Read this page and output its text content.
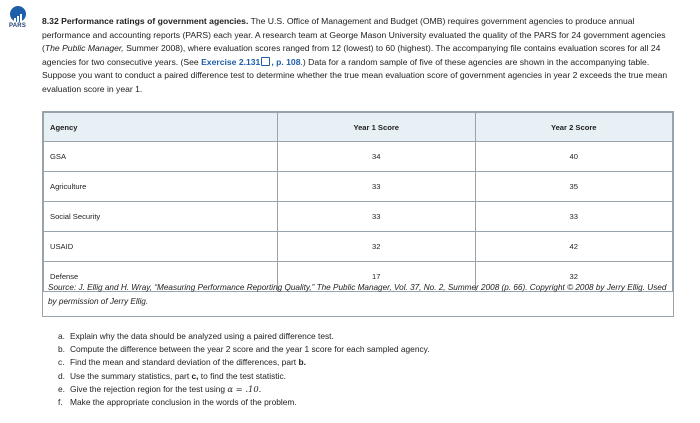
PARS	8.32 Performance ratings of government agencies. The U.S. Office of Management and Budget (OMB) requires government agencies to produce annual performance and accounting reports (PARS) each year. A research team at George Mason University evaluated the quality of the PARS for 24 government agencies (The Public Manager, Summer 2008), where evaluation scores ranged from 12 (lowest) to 60 (highest). The accompanying file contains evaluation scores for all 24 agencies for two consecutive years. (See Exercise 2.131 , p. 108.) Data for a random sample of five of these agencies are shown in the accompanying table. Suppose you want to conduct a paired difference test to determine whether the true mean evaluation score of government agencies in year 2 exceeds the true mean evaluation score in year 1.
Agency	Year 1 Score	Year 2 Score
GSA	34	40
Agriculture	33	35
Social Security	33	33
USAID	32	42
Defense	17	32
Source: J. Ellig and H. Wray, “Measuring Performance Reporting Quality,” The Public Manager, Vol. 37, No. 2, Summer 2008 (p. 66). Copyright © 2008 by Jerry Ellig. Used by permission of Jerry Ellig.
a. Explain why the data should be analyzed using a paired difference test.
b. Compute the difference between the year 2 score and the year 1 score for each sampled agency.
c. Find the mean and standard deviation of the differences, part b.
d. Use the summary statistics, part c, to find the test statistic.
e. Give the rejection region for the test using α = .10.
f. Make the appropriate conclusion in the words of the problem.
